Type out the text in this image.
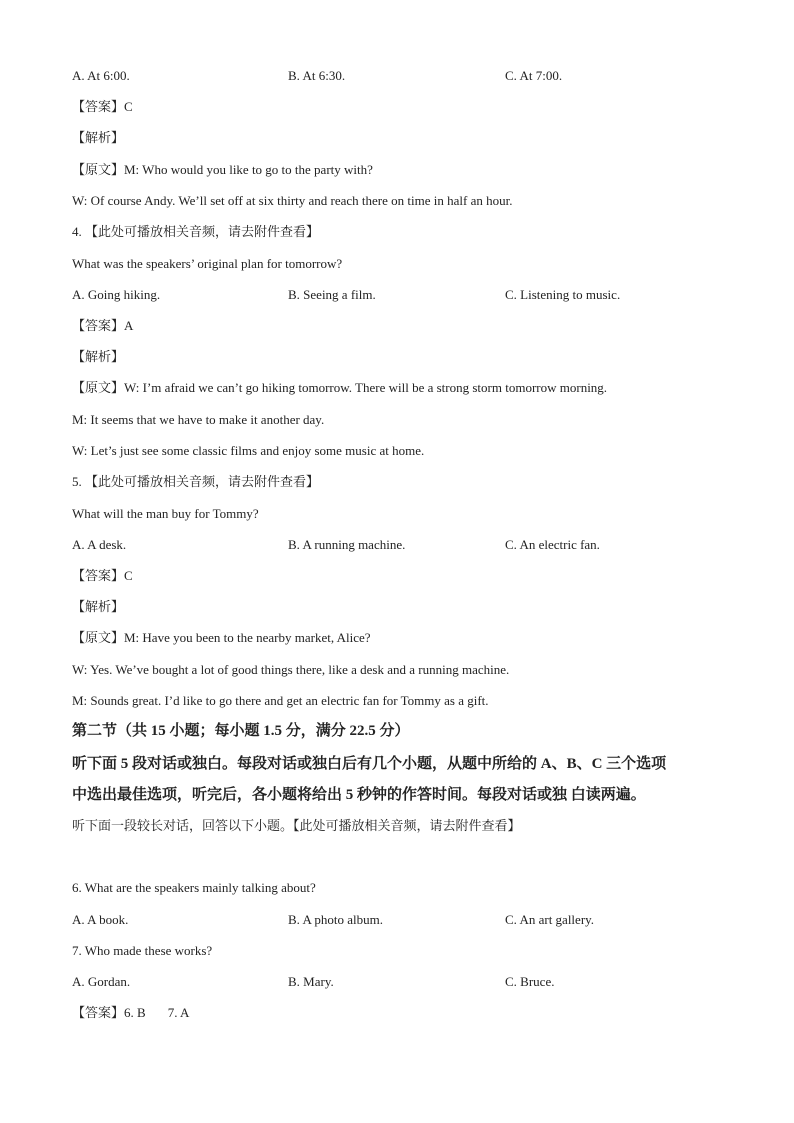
A. At 6:00.	B. At 6:30.	C. At 7:00.
【答案】C
【解析】
【原文】M: Who would you like to go to the party with?
W: Of course Andy. We’ll set off at six thirty and reach there on time in half an hour.
4. 【此处可播放相关音频，请去附件查看】
What was the speakers’ original plan for tomorrow?
A. Going hiking.	B. Seeing a film.	C. Listening to music.
【答案】A
【解析】
【原文】W: I’m afraid we can’t go hiking tomorrow. There will be a strong storm tomorrow morning.
M: It seems that we have to make it another day.
W: Let’s just see some classic films and enjoy some music at home.
5. 【此处可播放相关音频，请去附件查看】
What will the man buy for Tommy?
A. A desk.	B. A running machine.	C. An electric fan.
【答案】C
【解析】
【原文】M: Have you been to the nearby market, Alice?
W: Yes. We’ve bought a lot of good things there, like a desk and a running machine.
M: Sounds great. I’d like to go there and get an electric fan for Tommy as a gift.
第二节（共 15 小题；每小题 1.5 分，满分 22.5 分）
听下面 5 段对话或独白。每段对话或独白后有几个小题，从题中所给的 A、B、C 三个选项
中选出最佳选项，听完后，各小题将给出 5 秒钟的作答时间。每段对话或独 白读两遍。
听下面一段较长对话，回答以下小题。【此处可播放相关音频，请去附件查看】
6. What are the speakers mainly talking about?
A. A book.	B. A photo album.	C. An art gallery.
7. Who made these works?
A. Gordan.	B. Mary.	C. Bruce.
【答案】6. B 7. A
